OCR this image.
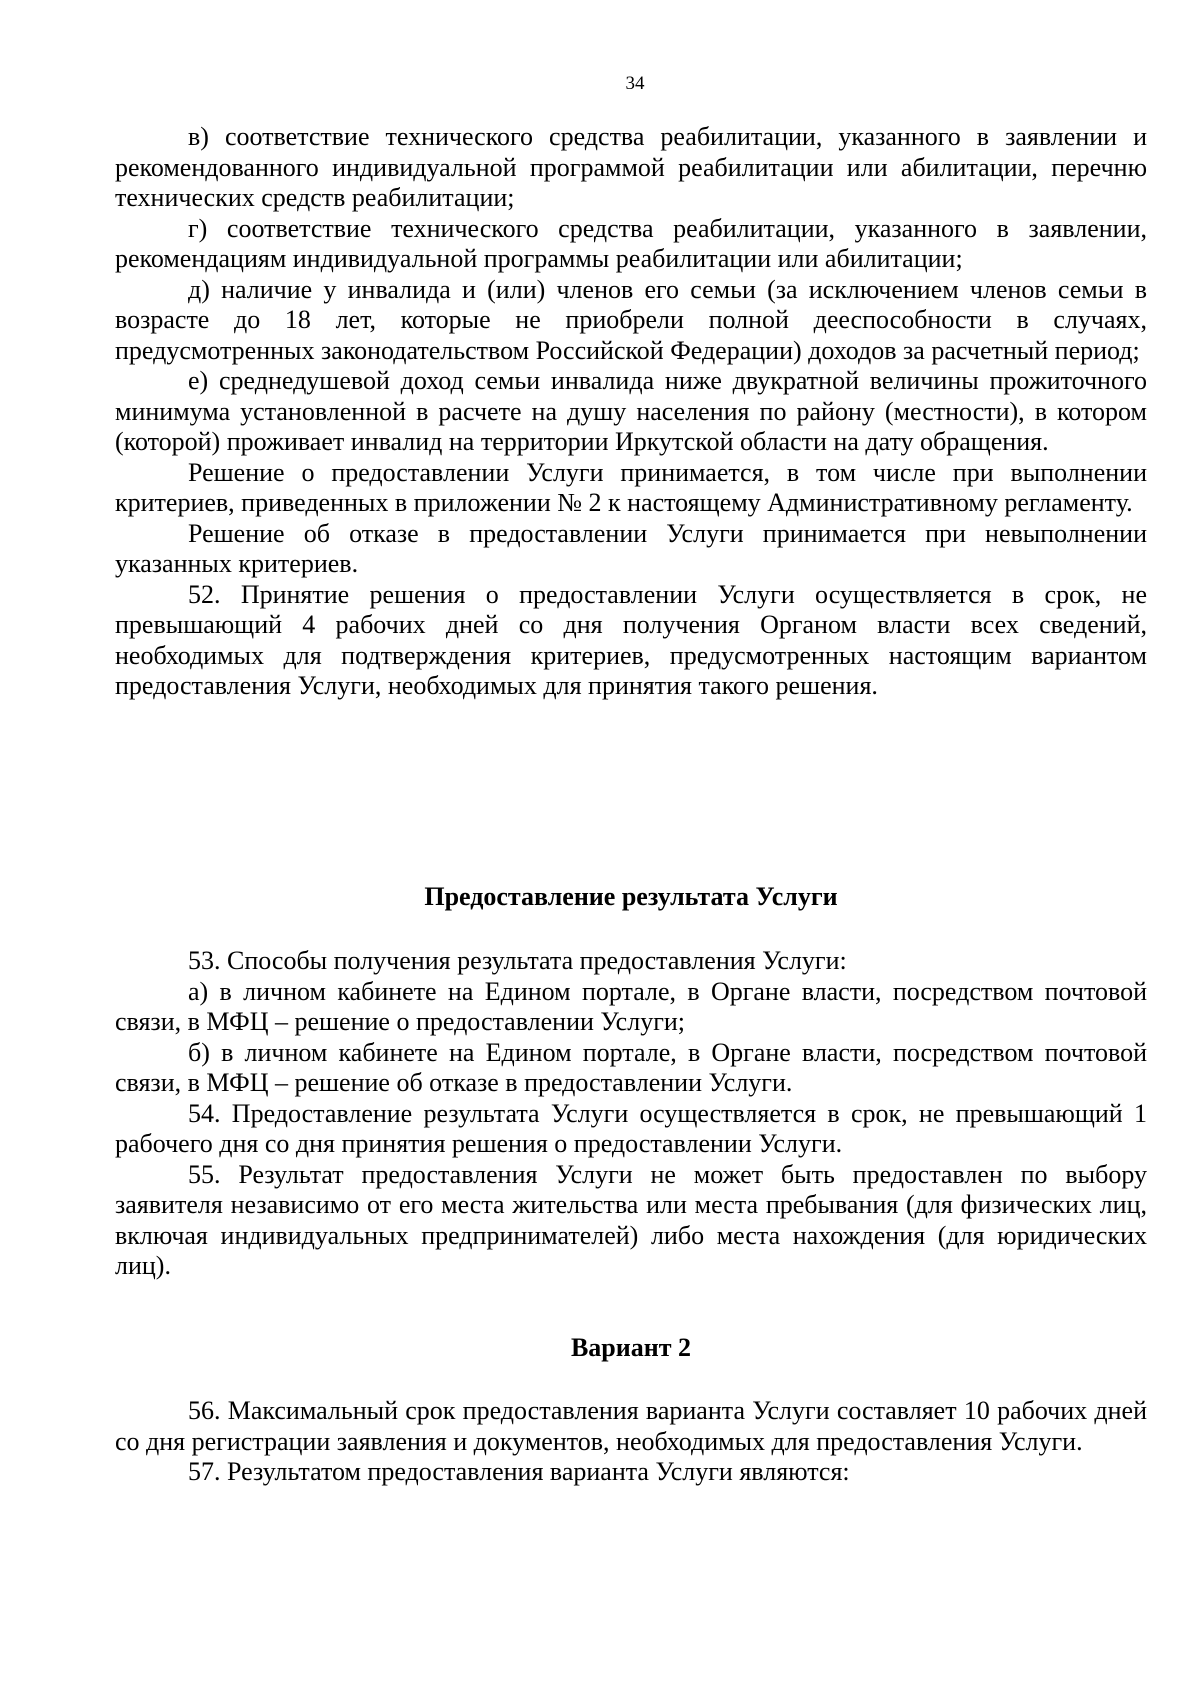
34

в) соответствие технического средства реабилитации, указанного в заявлении и рекомендованного индивидуальной программой реабилитации или абилитации, перечню технических средств реабилитации;

г) соответствие технического средства реабилитации, указанного в заявлении, рекомендациям индивидуальной программы реабилитации или абилитации;

д) наличие у инвалида и (или) членов его семьи (за исключением членов семьи в возрасте до 18 лет, которые не приобрели полной дееспособности в случаях, предусмотренных законодательством Российской Федерации) доходов за расчетный период;

е) среднедушевой доход семьи инвалида ниже двукратной величины прожиточного минимума установленной в расчете на душу населения по району (местности), в котором (которой) проживает инвалид на территории Иркутской области на дату обращения.

Решение о предоставлении Услуги принимается, в том числе при выполнении критериев, приведенных в приложении № 2 к настоящему Административному регламенту.

Решение об отказе в предоставлении Услуги принимается при невыполнении указанных критериев.

52. Принятие решения о предоставлении Услуги осуществляется в срок, не превышающий 4 рабочих дней со дня получения Органом власти всех сведений, необходимых для подтверждения критериев, предусмотренных настоящим вариантом предоставления Услуги, необходимых для принятия такого решения.

Предоставление результата Услуги

53. Способы получения результата предоставления Услуги:

а) в личном кабинете на Едином портале, в Органе власти, посредством почтовой связи, в МФЦ – решение о предоставлении Услуги;

б) в личном кабинете на Едином портале, в Органе власти, посредством почтовой связи, в МФЦ – решение об отказе в предоставлении Услуги.

54. Предоставление результата Услуги осуществляется в срок, не превышающий 1 рабочего дня со дня принятия решения о предоставлении Услуги.

55. Результат предоставления Услуги не может быть предоставлен по выбору заявителя независимо от его места жительства или места пребывания (для физических лиц, включая индивидуальных предпринимателей) либо места нахождения (для юридических лиц).

Вариант 2

56. Максимальный срок предоставления варианта Услуги составляет 10 рабочих дней со дня регистрации заявления и документов, необходимых для предоставления Услуги.

57. Результатом предоставления варианта Услуги являются:
